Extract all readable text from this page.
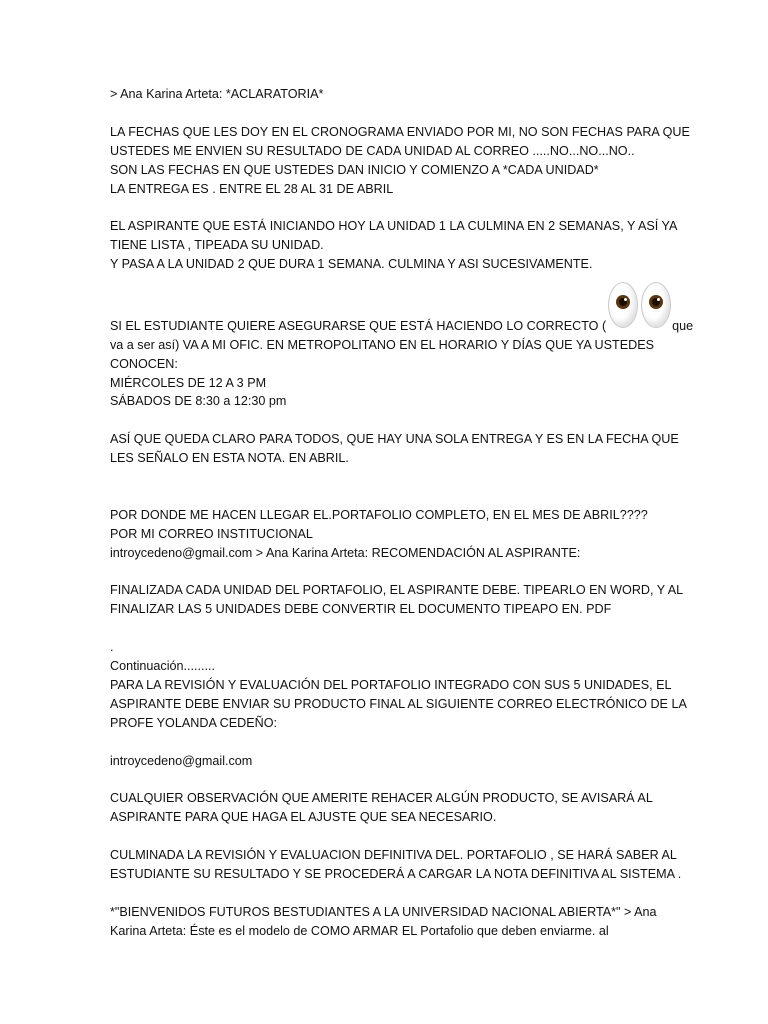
> Ana Karina Arteta: *ACLARATORIA*
LA FECHAS QUE LES DOY EN EL CRONOGRAMA ENVIADO POR MI, NO SON FECHAS PARA QUE
USTEDES ME ENVIEN SU RESULTADO DE CADA UNIDAD AL CORREO .....NO...NO...NO..
SON LAS FECHAS EN QUE USTEDES DAN INICIO Y COMIENZO A *CADA UNIDAD*
LA ENTREGA ES . ENTRE EL 28 AL 31 DE ABRIL
EL ASPIRANTE QUE ESTÁ INICIANDO HOY LA UNIDAD 1 LA CULMINA EN 2 SEMANAS, Y ASÍ YA
TIENE LISTA , TIPEADA SU UNIDAD.
Y PASA A LA UNIDAD 2 QUE DURA 1 SEMANA. CULMINA Y ASI SUCESIVAMENTE.
SI EL ESTUDIANTE QUIERE ASEGURARSE QUE ESTÁ HACIENDO LO CORRECTO (	que
va a ser así) VA A MI OFIC. EN METROPOLITANO EN EL HORARIO Y DÍAS QUE YA USTEDES
CONOCEN:
MIÉRCOLES DE 12 A 3 PM
SÁBADOS DE 8:30 a 12:30 pm
ASÍ QUE QUEDA CLARO PARA TODOS, QUE HAY UNA SOLA ENTREGA Y ES EN LA FECHA QUE
LES SEÑALO EN ESTA NOTA. EN ABRIL.
POR DONDE ME HACEN LLEGAR EL.PORTAFOLIO COMPLETO, EN EL MES DE ABRIL????
POR MI CORREO INSTITUCIONAL
introycedeno@gmail.com > Ana Karina Arteta: RECOMENDACIÓN AL ASPIRANTE:
FINALIZADA CADA UNIDAD DEL PORTAFOLIO, EL ASPIRANTE DEBE. TIPEARLO EN WORD, Y AL
FINALIZAR LAS 5 UNIDADES DEBE CONVERTIR EL DOCUMENTO TIPEAPO EN. PDF
.
Continuación.........
PARA LA REVISIÓN Y EVALUACIÓN DEL PORTAFOLIO INTEGRADO CON SUS 5 UNIDADES, EL
ASPIRANTE DEBE ENVIAR SU PRODUCTO FINAL AL SIGUIENTE CORREO ELECTRÓNICO DE LA
PROFE YOLANDA CEDEÑO:
introycedeno@gmail.com
CUALQUIER OBSERVACIÓN QUE AMERITE REHACER ALGÚN PRODUCTO, SE AVISARÁ AL
ASPIRANTE PARA QUE HAGA EL AJUSTE QUE SEA NECESARIO.
CULMINADA LA REVISIÓN Y EVALUACION DEFINITIVA DEL. PORTAFOLIO , SE HARÁ SABER AL
ESTUDIANTE SU RESULTADO Y SE PROCEDERÁ A CARGAR LA NOTA DEFINITIVA AL SISTEMA .
*"BIENVENIDOS FUTUROS BESTUDIANTES A LA UNIVERSIDAD NACIONAL ABIERTA*" > Ana
Karina Arteta: Éste es el modelo de COMO ARMAR EL Portafolio que deben enviarme. al
